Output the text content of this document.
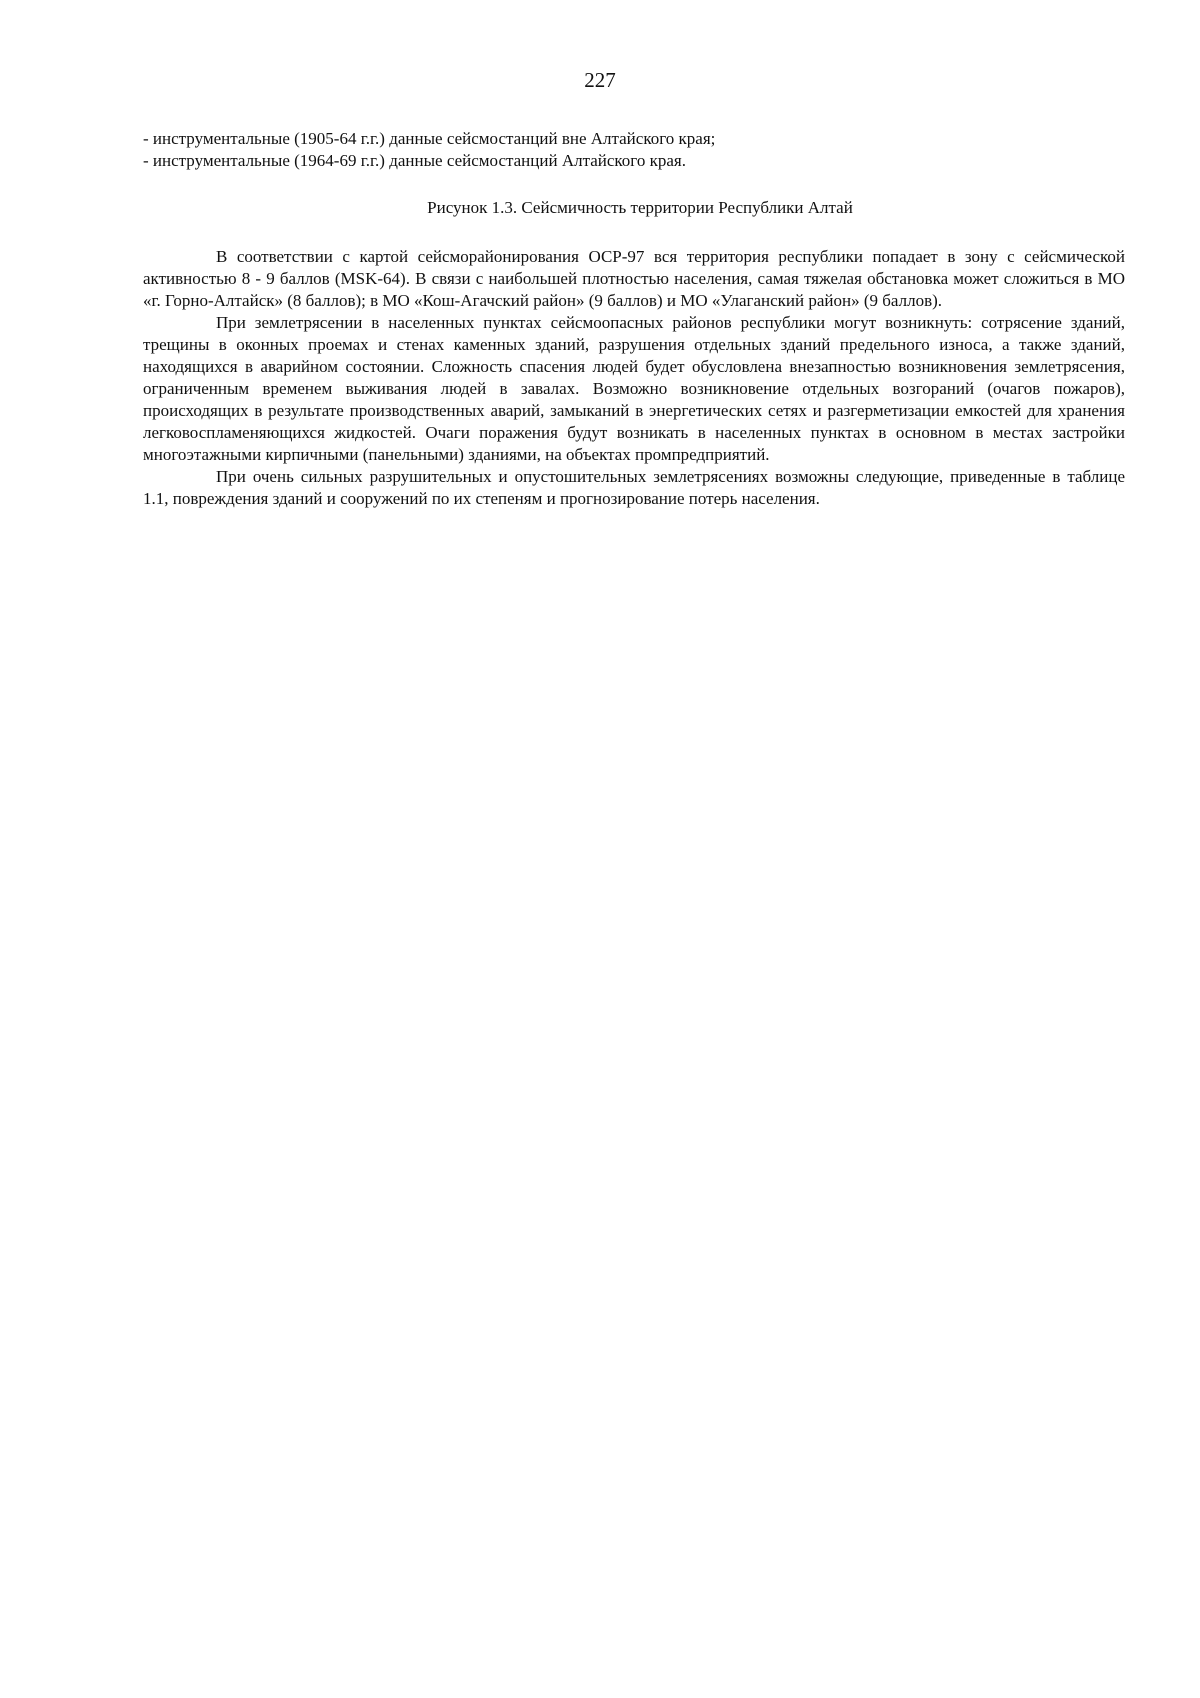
227

- инструментальные (1905-64 г.г.) данные сейсмостанций вне Алтайского края;

- инструментальные (1964-69 г.г.) данные сейсмостанций Алтайского края.

Рисунок 1.3. Сейсмичность территории Республики Алтай

В соответствии с картой сейсморайонирования ОСР-97 вся территория республики попадает в зону с сейсмической активностью 8 - 9 баллов (MSK-64). В связи с наибольшей плотностью населения, самая тяжелая обстановка может сложиться в МО «г. Горно-Алтайск» (8 баллов); в МО «Кош-Агачский район» (9 баллов) и МО «Улаганский район» (9 баллов).

При землетрясении в населенных пунктах сейсмоопасных районов республики могут возникнуть: сотрясение зданий, трещины в оконных проемах и стенах каменных зданий, разрушения отдельных зданий предельного износа, а также зданий, находящихся в аварийном состоянии. Сложность спасения людей будет обусловлена внезапностью возникновения землетрясения, ограниченным временем выживания людей в завалах. Возможно возникновение отдельных возгораний (очагов пожаров), происходящих в результате производственных аварий, замыканий в энергетических сетях и разгерметизации емкостей для хранения легковоспламеняющихся жидкостей. Очаги поражения будут возникать в населенных пунктах в основном в местах застройки многоэтажными кирпичными (панельными) зданиями, на объектах промпредприятий.

При очень сильных разрушительных и опустошительных землетрясениях возможны следующие, приведенные в таблице 1.1, повреждения зданий и сооружений по их степеням и прогнозирование потерь населения.
